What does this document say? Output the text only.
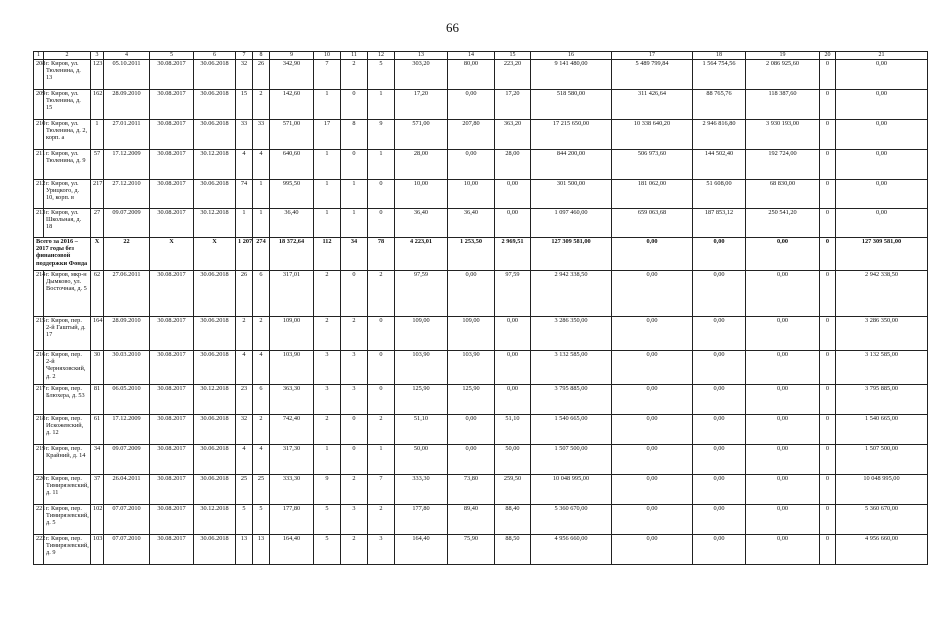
66
1	2	3	4	5	6	7	8	9	10	11	12	13	14	15	16	17	18	19	20	21
208	г. Киров, ул. Тюленина, д. 13	123	05.10.2011	30.08.2017	30.06.2018	32	26	342,90	7	2	5	303,20	80,00	223,20	9 141 480,00	5 489 799,84	1 564 754,56	2 086 925,60	0	0,00
209	г. Киров, ул. Тюленина, д. 15	162	28.09.2010	30.08.2017	30.06.2018	15	2	142,60	1	0	1	17,20	0,00	17,20	518 580,00	311 426,64	88 765,76	118 387,60	0	0,00
210	г. Киров, ул. Тюленина, д. 2, корп. а	1	27.01.2011	30.08.2017	30.06.2018	33	33	571,00	17	8	9	571,00	207,80	363,20	17 215 650,00	10 338 640,20	2 946 816,80	3 930 193,00	0	0,00
211	г. Киров, ул. Тюленина, д. 9	57	17.12.2009	30.08.2017	30.12.2018	4	4	640,60	1	0	1	28,00	0,00	28,00	844 200,00	506 973,60	144 502,40	192 724,00	0	0,00
212	г. Киров, ул. Урицкого, д. 10, корп. в	217	27.12.2010	30.08.2017	30.06.2018	74	1	995,50	1	1	0	10,00	10,00	0,00	301 500,00	181 062,00	51 608,00	68 830,00	0	0,00
213	г. Киров, ул. Школьная, д. 18	27	09.07.2009	30.08.2017	30.12.2018	1	1	36,40	1	1	0	36,40	36,40	0,00	1 097 460,00	659 063,68	187 853,12	250 541,20	0	0,00
Всего за 2016 – 2017 годы без финансовой поддержки Фонда		X	22	X	X	1 207	274	18 372,64	112	34	78	4 223,01	1 253,50	2 969,51	127 309 581,00	0,00	0,00	0,00	0	127 309 581,00
214	г. Киров, мкр-н Дымково, ул. Восточная, д. 5	62	27.06.2011	30.08.2017	30.06.2018	26	6	317,01	2	0	2	97,59	0,00	97,59	2 942 338,50	0,00	0,00	0,00	0	2 942 338,50
215	г. Киров, пер. 2-й Гаштый, д. 17	164	28.09.2010	30.08.2017	30.06.2018	2	2	109,00	2	2	0	109,00	109,00	0,00	3 286 350,00	0,00	0,00	0,00	0	3 286 350,00
216	г. Киров, пер. 2-й Черняховский, д. 2	30	30.03.2010	30.08.2017	30.06.2018	4	4	103,90	3	3	0	103,90	103,90	0,00	3 132 585,00	0,00	0,00	0,00	0	3 132 585,00
217	г. Киров, пер. Блюхера, д. 53	81	06.05.2010	30.08.2017	30.12.2018	23	6	363,30	3	3	0	125,90	125,90	0,00	3 795 885,00	0,00	0,00	0,00	0	3 795 885,00
218	г. Киров, пер. Искожевский, д. 12	61	17.12.2009	30.08.2017	30.06.2018	32	2	742,40	2	0	2	51,10	0,00	51,10	1 540 665,00	0,00	0,00	0,00	0	1 540 665,00
219	г. Киров, пер. Крайний, д. 14	34	09.07.2009	30.08.2017	30.06.2018	4	4	317,30	1	0	1	50,00	0,00	50,00	1 507 500,00	0,00	0,00	0,00	0	1 507 500,00
220	г. Киров, пер. Тимирязевский, д. 11	37	26.04.2011	30.08.2017	30.06.2018	25	25	333,30	9	2	7	333,30	73,80	259,50	10 048 995,00	0,00	0,00	0,00	0	10 048 995,00
221	г. Киров, пер. Тимирязевский, д. 5	102	07.07.2010	30.08.2017	30.12.2018	5	5	177,80	5	3	2	177,80	89,40	88,40	5 360 670,00	0,00	0,00	0,00	0	5 360 670,00
222	г. Киров, пер. Тимирязевский, д. 9	103	07.07.2010	30.08.2017	30.06.2018	13	13	164,40	5	2	3	164,40	75,90	88,50	4 956 660,00	0,00	0,00	0,00	0	4 956 660,00
